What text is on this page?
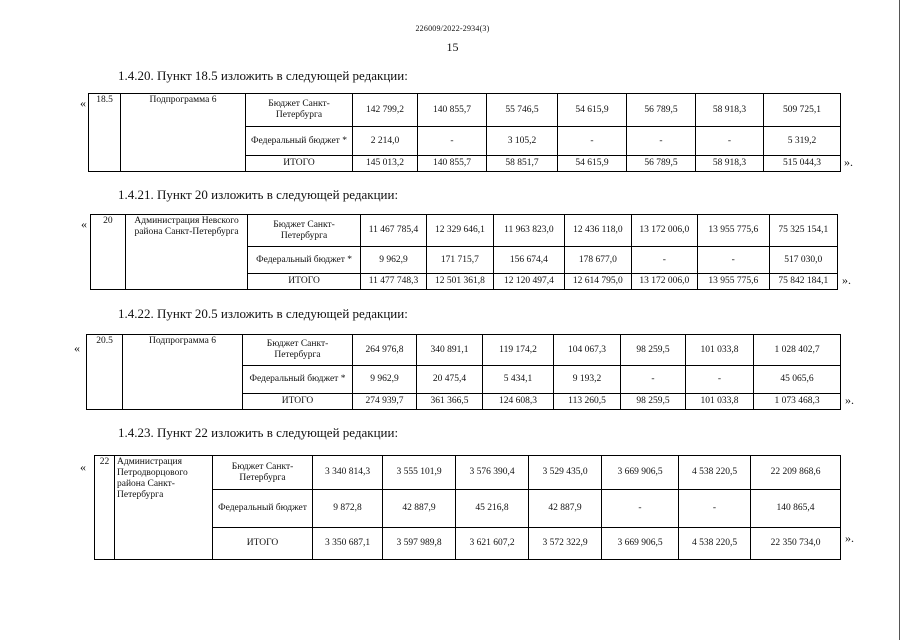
226009/2022-2934(3)
15
1.4.20. Пункт 18.5 изложить в следующей редакции:
« 18.5	Подпрограмма 6	Бюджет Санкт-Петербурга	142 799,2	140 855,7	55 746,5	54 615,9	56 789,5	58 918,3	509 725,1
		Федеральный бюджет *	2 214,0	-	3 105,2	-	-	-	5 319,2
		ИТОГО	145 013,2	140 855,7	58 851,7	54 615,9	56 789,5	58 918,3	515 044,3 ».
1.4.21. Пункт 20 изложить в следующей редакции:
« 20	Администрация Невского района Санкт-Петербурга	Бюджет Санкт-Петербурга	11 467 785,4	12 329 646,1	11 963 823,0	12 436 118,0	13 172 006,0	13 955 775,6	75 325 154,1
		Федеральный бюджет *	9 962,9	171 715,7	156 674,4	178 677,0	-	-	517 030,0
		ИТОГО	11 477 748,3	12 501 361,8	12 120 497,4	12 614 795,0	13 172 006,0	13 955 775,6	75 842 184,1 ».
1.4.22. Пункт 20.5 изложить в следующей редакции:
« 20.5	Подпрограмма 6	Бюджет Санкт-Петербурга	264 976,8	340 891,1	119 174,2	104 067,3	98 259,5	101 033,8	1 028 402,7
		Федеральный бюджет *	9 962,9	20 475,4	5 434,1	9 193,2	-	-	45 065,6
		ИТОГО	274 939,7	361 366,5	124 608,3	113 260,5	98 259,5	101 033,8	1 073 468,3 ».
1.4.23. Пункт 22 изложить в следующей редакции:
« 22	Администрация Петродворцового района Санкт-Петербурга	Бюджет Санкт-Петербурга	3 340 814,3	3 555 101,9	3 576 390,4	3 529 435,0	3 669 906,5	4 538 220,5	22 209 868,6
		Федеральный бюджет	9 872,8	42 887,9	45 216,8	42 887,9	-	-	140 865,4
		ИТОГО	3 350 687,1	3 597 989,8	3 621 607,2	3 572 322,9	3 669 906,5	4 538 220,5	22 350 734,0 ».
